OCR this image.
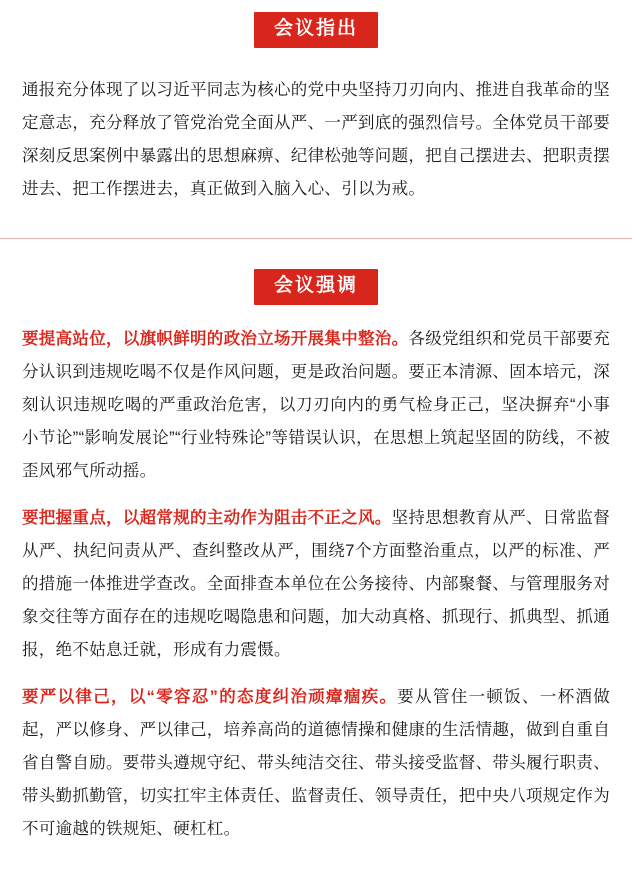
会议指出
通报充分体现了以习近平同志为核心的党中央坚持刀刃向内、推进自我革命的坚定意志，充分释放了管党治党全面从严、一严到底的强烈信号。全体党员干部要深刻反思案例中暴露出的思想麻痹、纪律松弛等问题，把自己摆进去、把职责摆进去、把工作摆进去，真正做到入脑入心、引以为戒。
会议强调

要提高站位，以旗帜鲜明的政治立场开展集中整治。各级党组织和党员干部要充分认识到违规吃喝不仅是作风问题，更是政治问题。要正本清源、固本培元，深刻认识违规吃喝的严重政治危害，以刀刃向内的勇气检身正己，坚决摒弃“小事小节论”“影响发展论”“行业特殊论”等错误认识，在思想上筑起坚固的防线，不被歪风邪气所动摇。

要把握重点，以超常规的主动作为阻击不正之风。坚持思想教育从严、日常监督从严、执纪问责从严、查纠整改从严，围绕7个方面整治重点，以严的标准、严的措施一体推进学查改。全面排查本单位在公务接待、内部聚餐、与管理服务对象交往等方面存在的违规吃喝隐患和问题，加大动真格、抓现行、抓典型、抓通报，绝不姑息迁就，形成有力震慑。

要严以律己，以“零容忍”的态度纠治顽瘴痼疾。要从管住一顿饭、一杯酒做起，严以修身、严以律己，培养高尚的道德情操和健康的生活情趣，做到自重自省自警自励。要带头遵规守纪、带头纯洁交往、带头接受监督、带头履行职责、带头勤抓勤管，切实扛牢主体责任、监督责任、领导责任，把中央八项规定作为不可逾越的铁规矩、硬杠杠。
